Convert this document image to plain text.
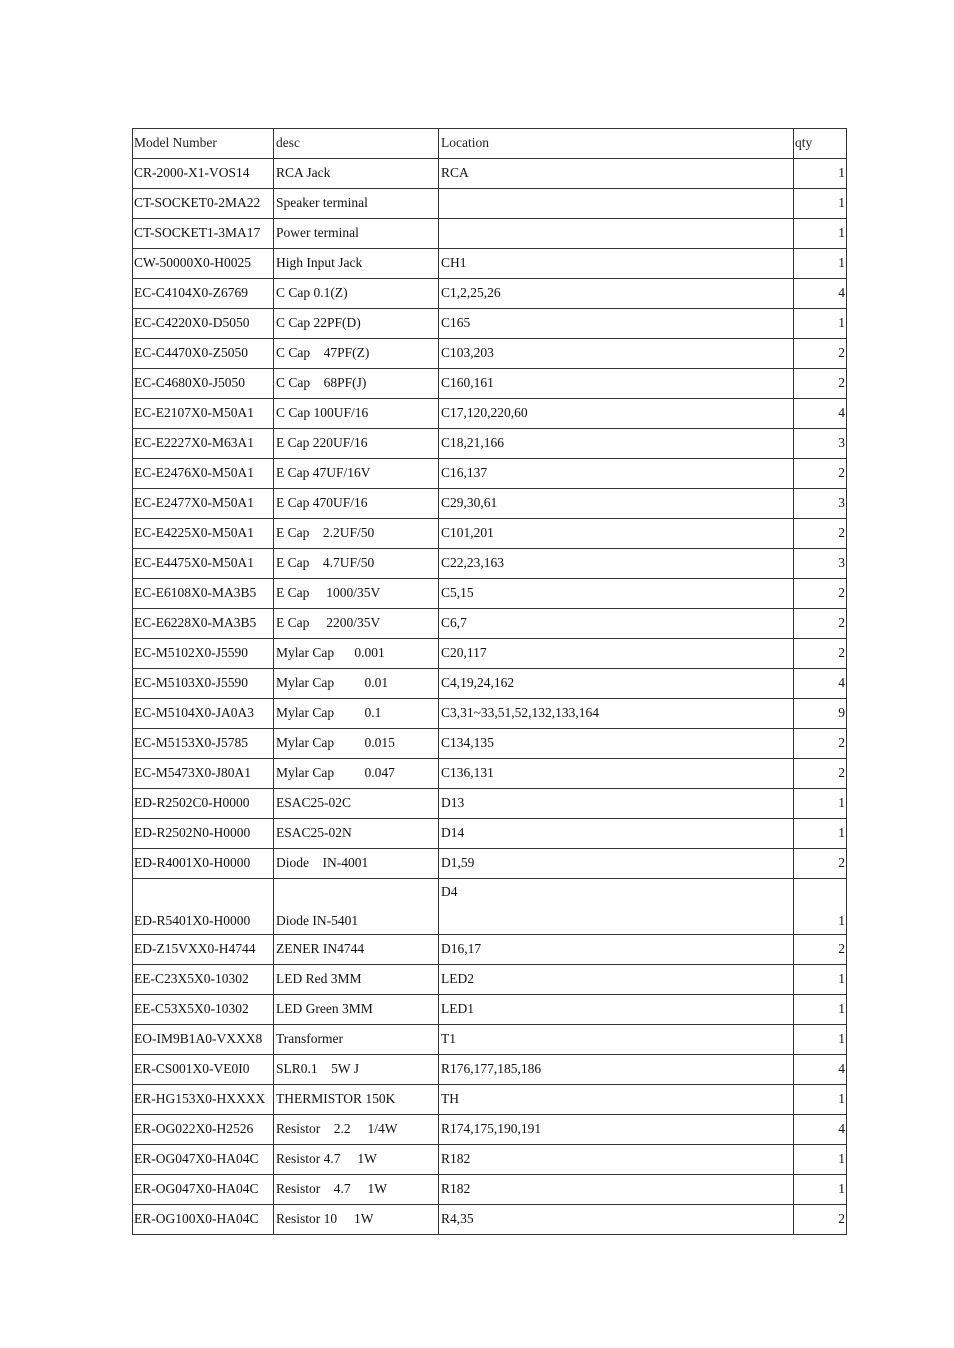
Model Number	desc	Location	qty
CR-2000-X1-VOS14	RCA Jack	RCA	1
CT-SOCKET0-2MA22	Speaker terminal		1
CT-SOCKET1-3MA17	Power terminal		1
CW-50000X0-H0025	High Input Jack	CH1	1
EC-C4104X0-Z6769	C Cap 0.1(Z)	C1,2,25,26	4
EC-C4220X0-D5050	C Cap 22PF(D)	C165	1
EC-C4470X0-Z5050	C Cap    47PF(Z)	C103,203	2
EC-C4680X0-J5050	C Cap    68PF(J)	C160,161	2
EC-E2107X0-M50A1	C Cap 100UF/16	C17,120,220,60	4
EC-E2227X0-M63A1	E Cap 220UF/16	C18,21,166	3
EC-E2476X0-M50A1	E Cap 47UF/16V	C16,137	2
EC-E2477X0-M50A1	E Cap 470UF/16	C29,30,61	3
EC-E4225X0-M50A1	E Cap    2.2UF/50	C101,201	2
EC-E4475X0-M50A1	E Cap    4.7UF/50	C22,23,163	3
EC-E6108X0-MA3B5	E Cap     1000/35V	C5,15	2
EC-E6228X0-MA3B5	E Cap     2200/35V	C6,7	2
EC-M5102X0-J5590	Mylar Cap      0.001	C20,117	2
EC-M5103X0-J5590	Mylar Cap         0.01	C4,19,24,162	4
EC-M5104X0-JA0A3	Mylar Cap         0.1	C3,31~33,51,52,132,133,164	9
EC-M5153X0-J5785	Mylar Cap         0.015	C134,135	2
EC-M5473X0-J80A1	Mylar Cap         0.047	C136,131	2
ED-R2502C0-H0000	ESAC25-02C	D13	1
ED-R2502N0-H0000	ESAC25-02N	D14	1
ED-R4001X0-H0000	Diode    IN-4001	D1,59	2
ED-R5401X0-H0000	Diode IN-5401	D4	1
ED-Z15VXX0-H4744	ZENER IN4744	D16,17	2
EE-C23X5X0-10302	LED Red 3MM	LED2	1
EE-C53X5X0-10302	LED Green 3MM	LED1	1
EO-IM9B1A0-VXXX8	Transformer	T1	1
ER-CS001X0-VE0I0	SLR0.1    5W J	R176,177,185,186	4
ER-HG153X0-HXXXX	THERMISTOR 150K	TH	1
ER-OG022X0-H2526	Resistor    2.2     1/4W	R174,175,190,191	4
ER-OG047X0-HA04C	Resistor 4.7     1W	R182	1
ER-OG047X0-HA04C	Resistor    4.7     1W	R182	1
ER-OG100X0-HA04C	Resistor 10     1W	R4,35	2
